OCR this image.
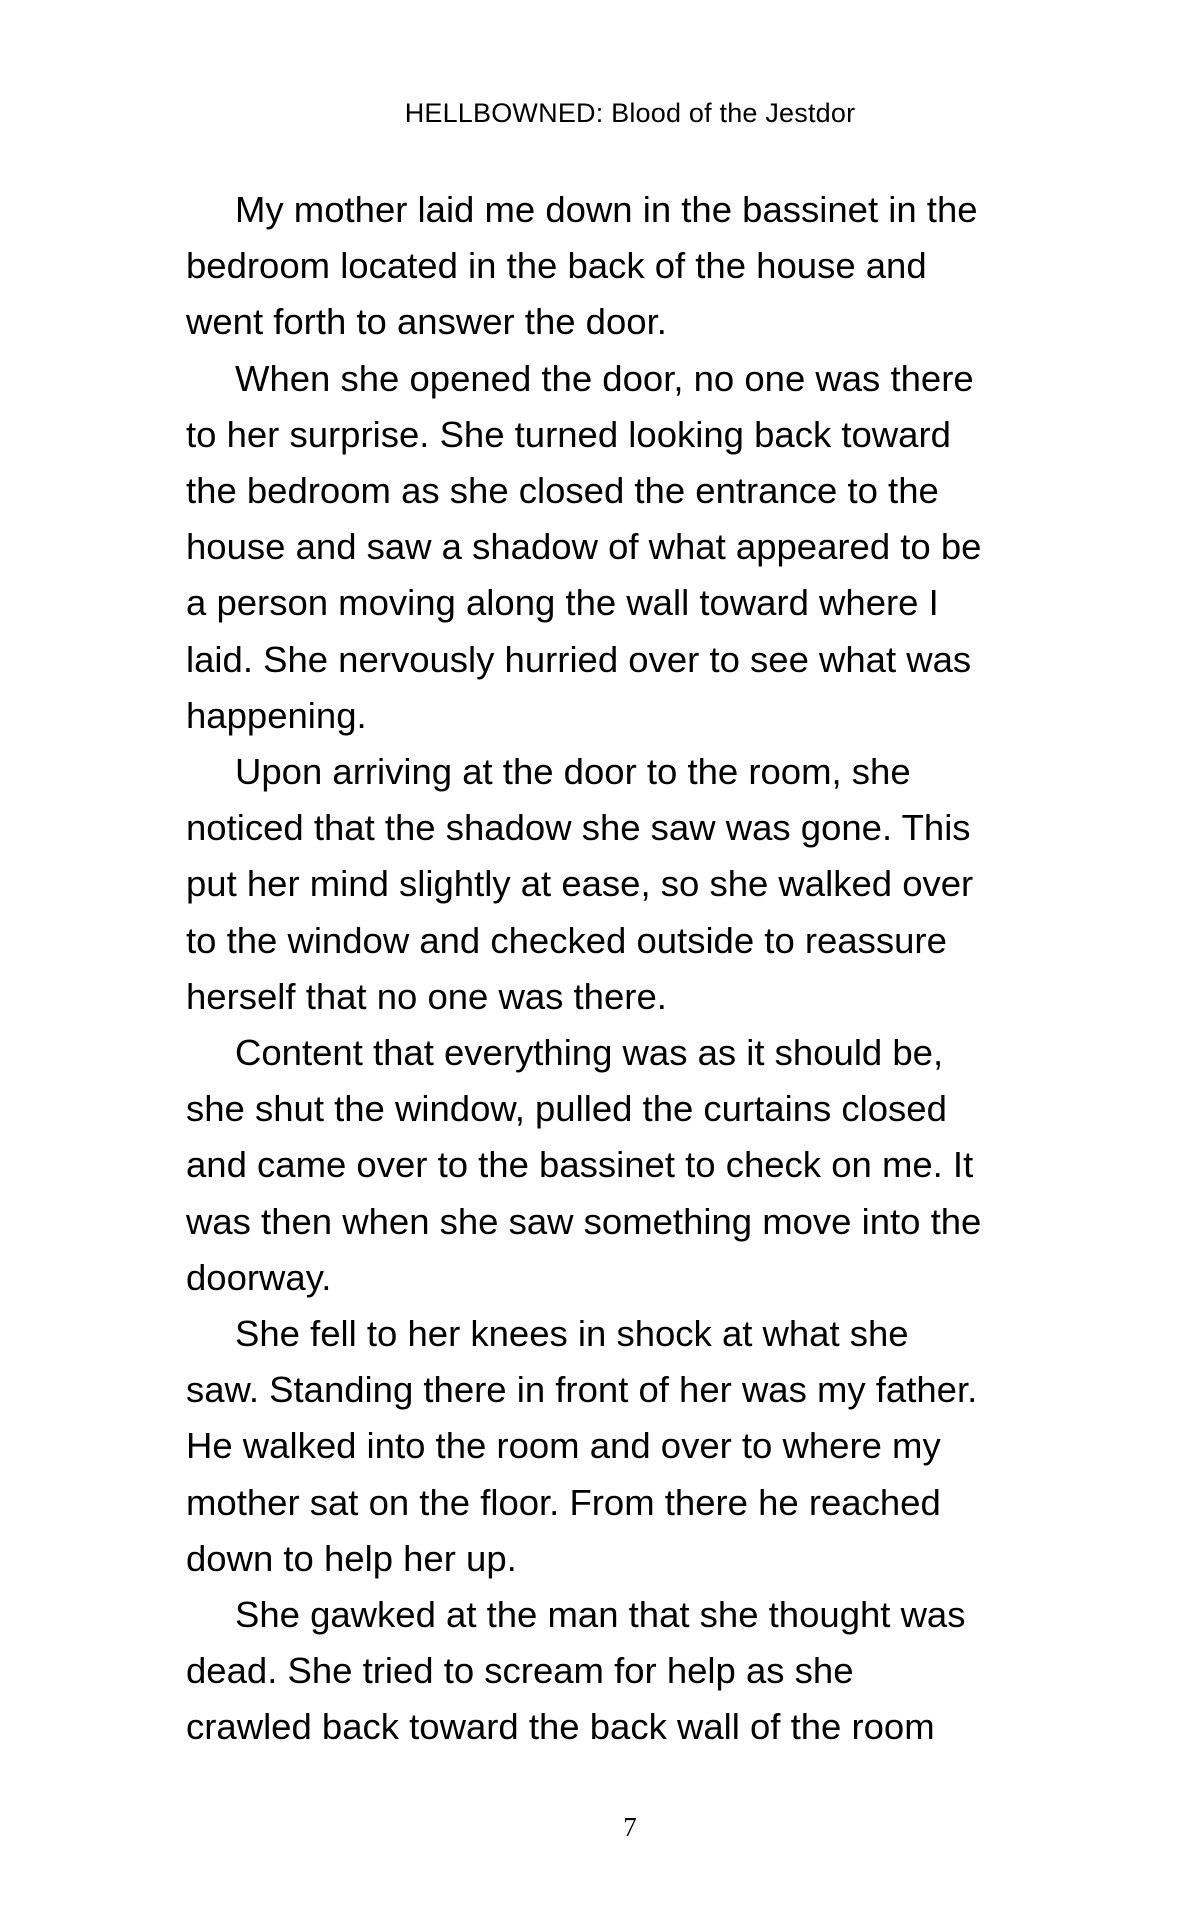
HELLBOWNED: Blood of the Jestdor

My mother laid me down in the bassinet in the
bedroom located in the back of the house and
went forth to answer the door.

When she opened the door, no one was there
to her surprise. She turned looking back toward
the bedroom as she closed the entrance to the
house and saw a shadow of what appeared to be
a person moving along the wall toward where I
laid. She nervously hurried over to see what was
happening.

Upon arriving at the door to the room, she
noticed that the shadow she saw was gone. This
put her mind slightly at ease, so she walked over
to the window and checked outside to reassure
herself that no one was there.

Content that everything was as it should be,
she shut the window, pulled the curtains closed
and came over to the bassinet to check on me. It
was then when she saw something move into the
doorway.

She fell to her knees in shock at what she
saw. Standing there in front of her was my father.
He walked into the room and over to where my
mother sat on the floor. From there he reached
down to help her up.

She gawked at the man that she thought was
dead. She tried to scream for help as she
crawled back toward the back wall of the room

7
